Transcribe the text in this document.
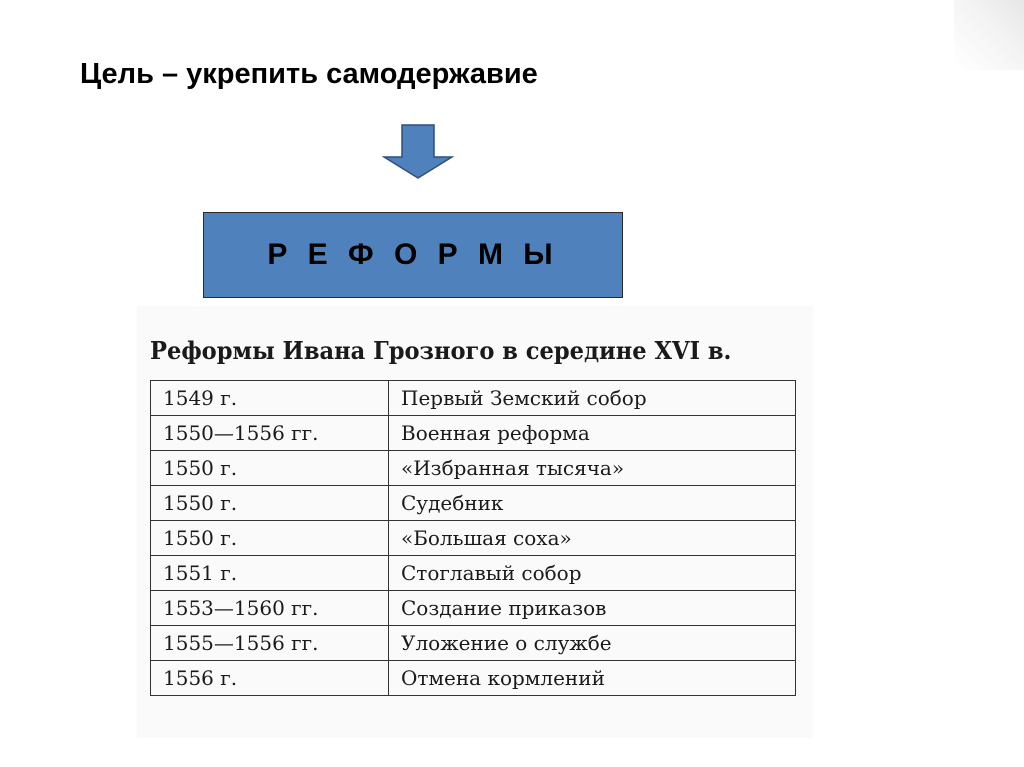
Цель – укрепить самодержавие
Р Е Ф О Р М Ы
Реформы Ивана Грозного в середине XVI в.
1549 г.	Первый Земский собор
1550—1556 гг.	Военная реформа
1550 г.	«Избранная тысяча»
1550 г.	Судебник
1550 г.	«Большая соха»
1551 г.	Стоглавый собор
1553—1560 гг.	Создание приказов
1555—1556 гг.	Уложение о службе
1556 г.	Отмена кормлений
